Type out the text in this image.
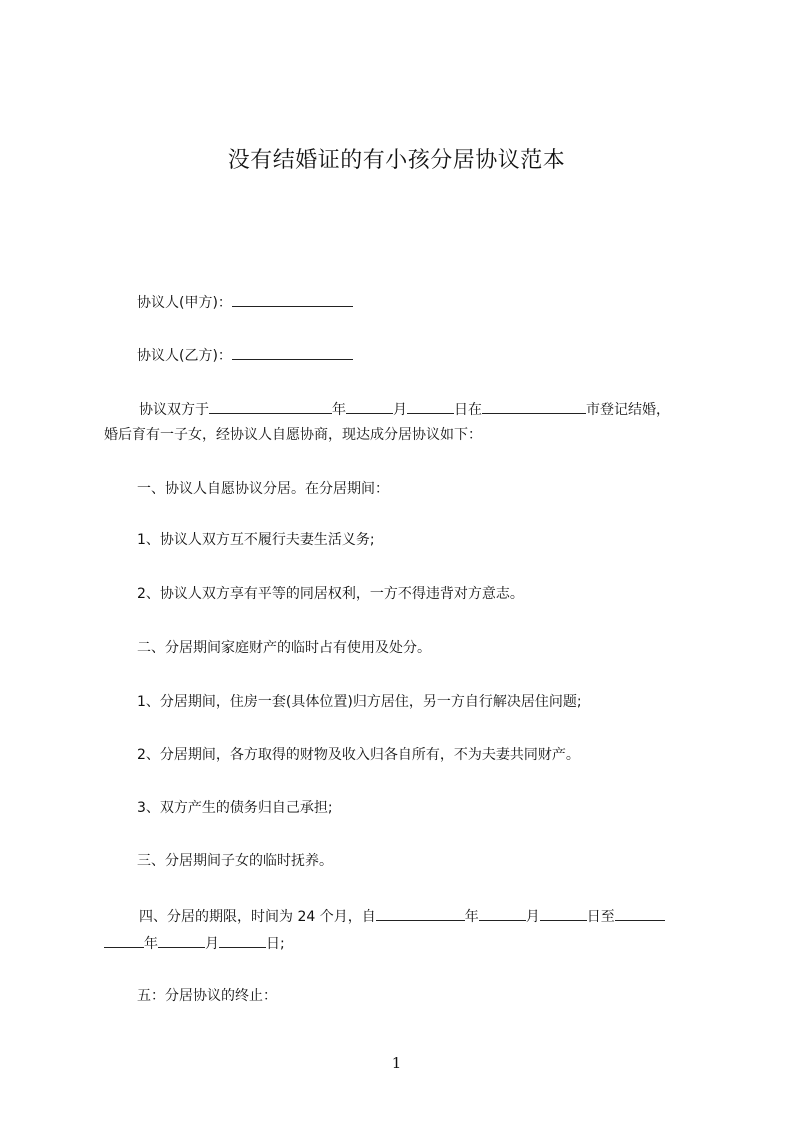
没有结婚证的有小孩分居协议范本
协议人(甲方)：
协议人(乙方)：
协议双方于	年	月	日在	市登记结婚，
婚后育有一子女，经协议人自愿协商，现达成分居协议如下：
一、协议人自愿协议分居。在分居期间：
1、协议人双方互不履行夫妻生活义务;
2、协议人双方享有平等的同居权利，一方不得违背对方意志。
二、分居期间家庭财产的临时占有使用及处分。
1、分居期间，住房一套(具体位置)归方居住，另一方自行解决居住问题;
2、分居期间，各方取得的财物及收入归各自所有，不为夫妻共同财产。
3、双方产生的债务归自己承担;
三、分居期间子女的临时抚养。
四、分居的期限，时间为 24 个月，自	年	月	日至
年	月	日;
五：分居协议的终止：
1
